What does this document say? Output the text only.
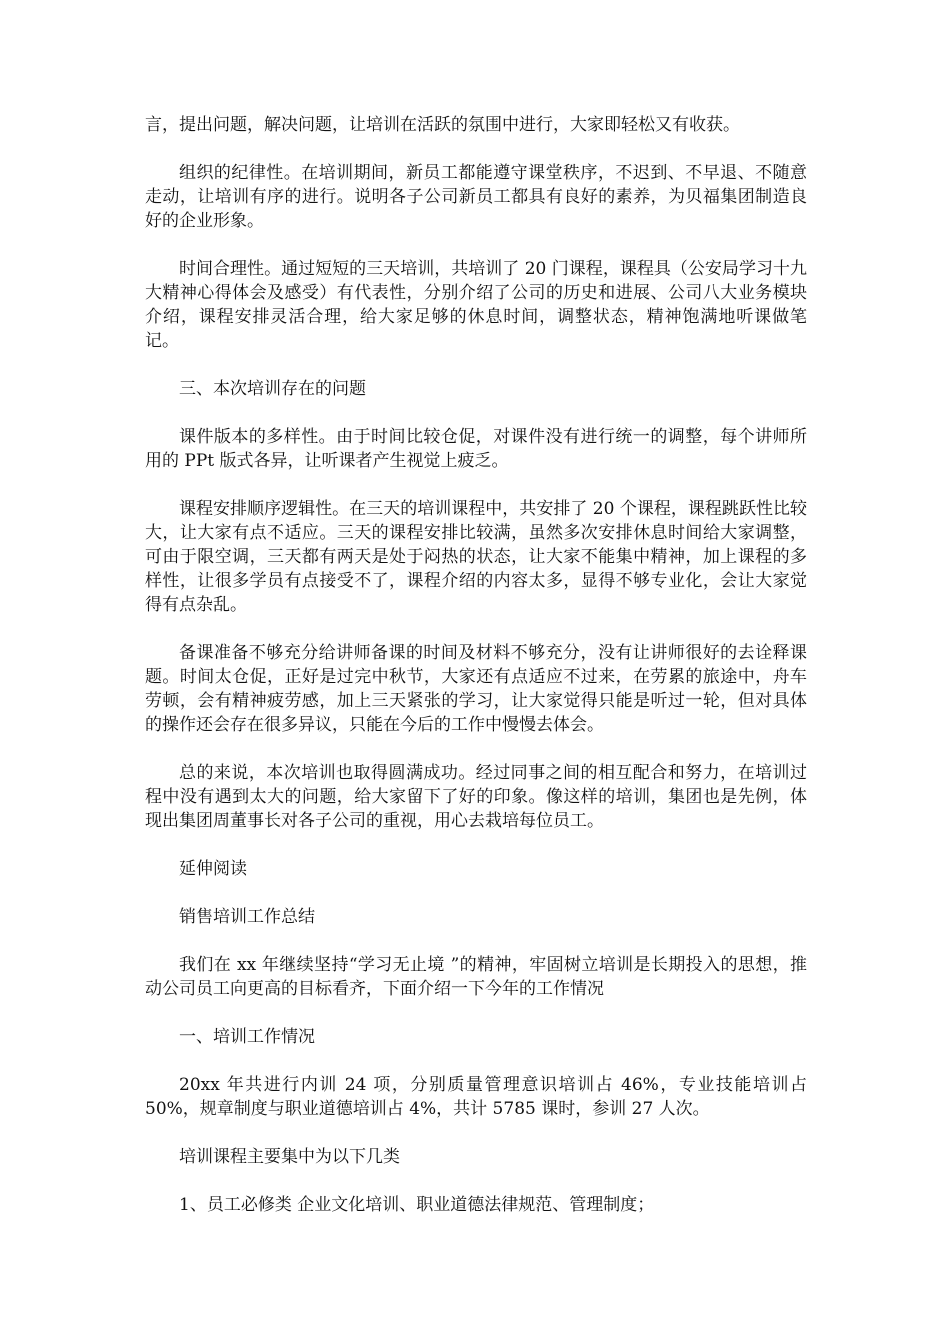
言，提出问题，解决问题，让培训在活跃的氛围中进行，大家即轻松又有收获。

组织的纪律性。在培训期间，新员工都能遵守课堂秩序，不迟到、不早退、不随意走动，让培训有序的进行。说明各子公司新员工都具有良好的素养，为贝福集团制造良好的企业形象。

时间合理性。通过短短的三天培训，共培训了 20 门课程，课程具（公安局学习十九大精神心得体会及感受）有代表性，分别介绍了公司的历史和进展、公司八大业务模块介绍，课程安排灵活合理，给大家足够的休息时间，调整状态，精神饱满地听课做笔记。

三、本次培训存在的问题

课件版本的多样性。由于时间比较仓促，对课件没有进行统一的调整，每个讲师所用的 PPt 版式各异，让听课者产生视觉上疲乏。

课程安排顺序逻辑性。在三天的培训课程中，共安排了 20 个课程，课程跳跃性比较大，让大家有点不适应。三天的课程安排比较满，虽然多次安排休息时间给大家调整，可由于限空调，三天都有两天是处于闷热的状态，让大家不能集中精神，加上课程的多样性，让很多学员有点接受不了，课程介绍的内容太多，显得不够专业化，会让大家觉得有点杂乱。

备课准备不够充分给讲师备课的时间及材料不够充分，没有让讲师很好的去诠释课题。时间太仓促，正好是过完中秋节，大家还有点适应不过来，在劳累的旅途中，舟车劳顿，会有精神疲劳感，加上三天紧张的学习，让大家觉得只能是听过一轮，但对具体的操作还会存在很多异议，只能在今后的工作中慢慢去体会。

总的来说，本次培训也取得圆满成功。经过同事之间的相互配合和努力，在培训过程中没有遇到太大的问题，给大家留下了好的印象。像这样的培训，集团也是先例，体现出集团周董事长对各子公司的重视，用心去栽培每位员工。

延伸阅读

销售培训工作总结

我们在 xx 年继续坚持“学习无止境 ”的精神，牢固树立培训是长期投入的思想，推动公司员工向更高的目标看齐，下面介绍一下今年的工作情况

一、培训工作情况

20xx 年共进行内训 24 项，分别质量管理意识培训占 46%，专业技能培训占 50%，规章制度与职业道德培训占 4%，共计 5785 课时，参训 27 人次。

培训课程主要集中为以下几类

1、员工必修类 企业文化培训、职业道德法律规范、管理制度；
